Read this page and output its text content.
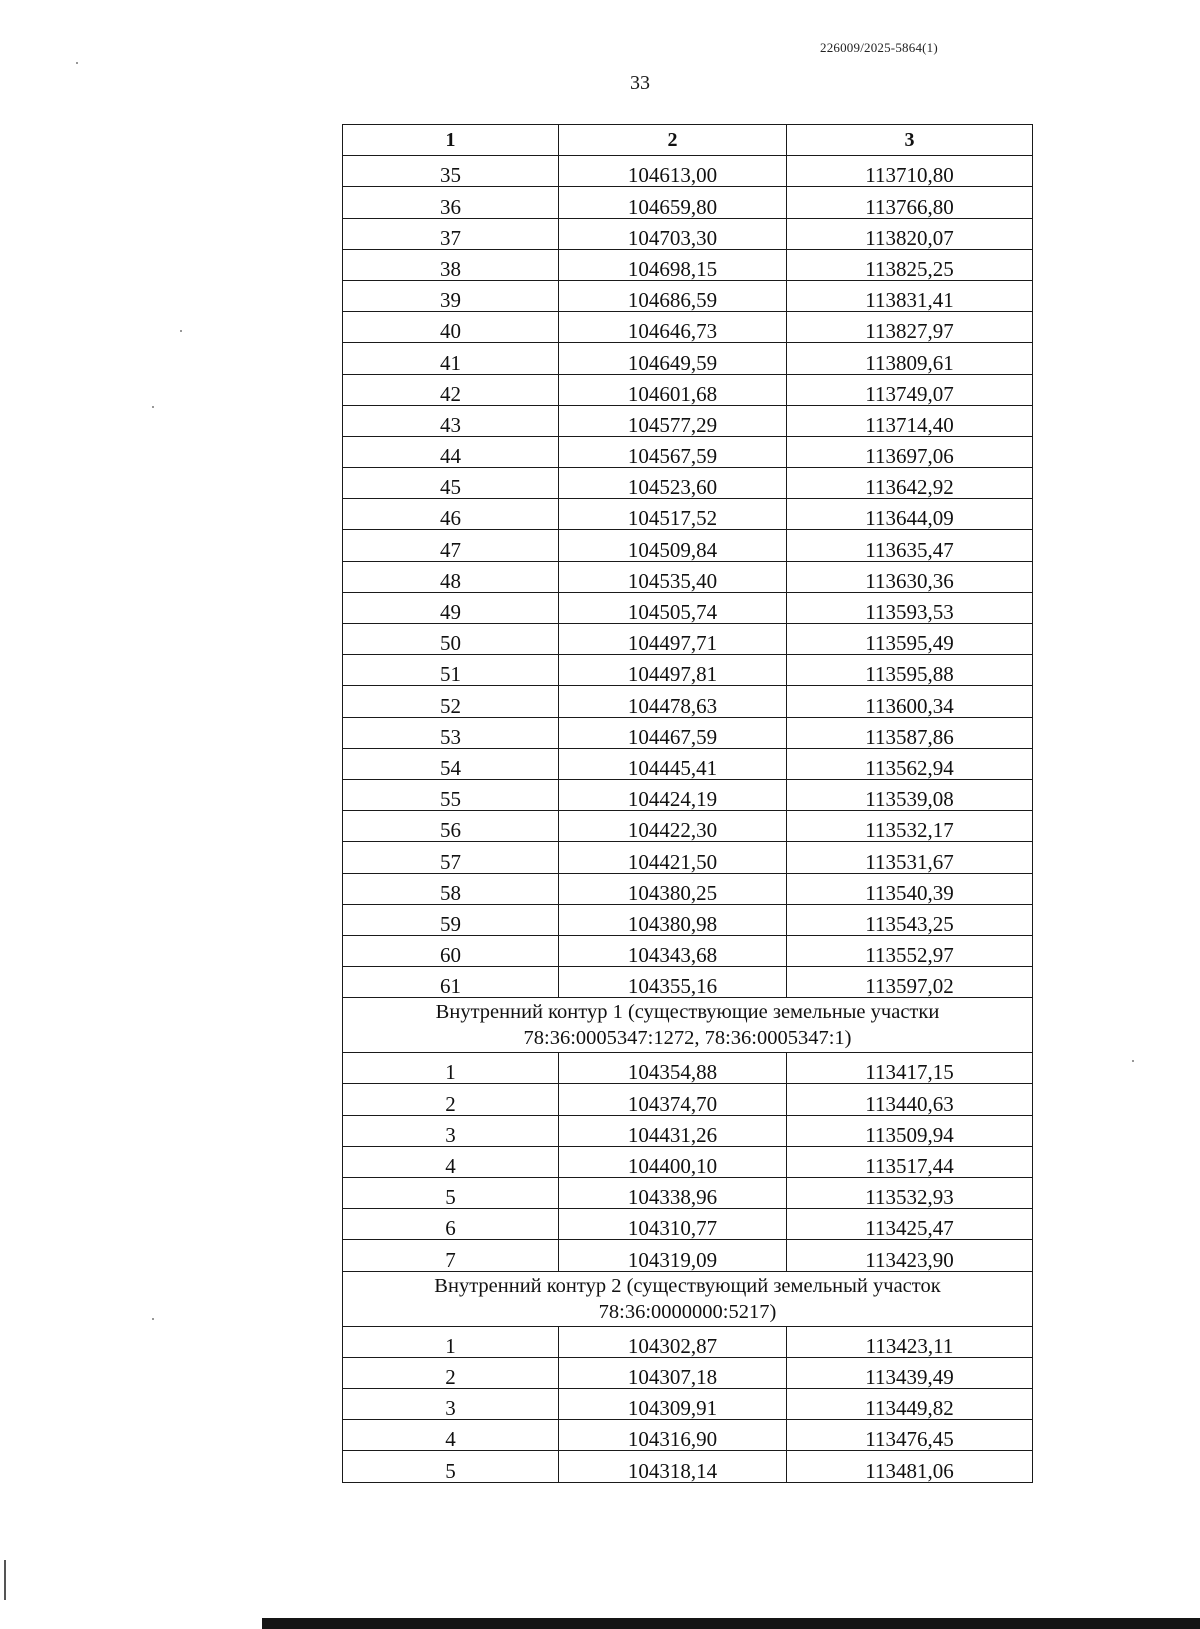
226009/2025-5864(1)
33
1	2	3
35	104613,00	113710,80
36	104659,80	113766,80
37	104703,30	113820,07
38	104698,15	113825,25
39	104686,59	113831,41
40	104646,73	113827,97
41	104649,59	113809,61
42	104601,68	113749,07
43	104577,29	113714,40
44	104567,59	113697,06
45	104523,60	113642,92
46	104517,52	113644,09
47	104509,84	113635,47
48	104535,40	113630,36
49	104505,74	113593,53
50	104497,71	113595,49
51	104497,81	113595,88
52	104478,63	113600,34
53	104467,59	113587,86
54	104445,41	113562,94
55	104424,19	113539,08
56	104422,30	113532,17
57	104421,50	113531,67
58	104380,25	113540,39
59	104380,98	113543,25
60	104343,68	113552,97
61	104355,16	113597,02
Внутренний контур 1 (существующие земельные участки
78:36:0005347:1272, 78:36:0005347:1)		
1	104354,88	113417,15
2	104374,70	113440,63
3	104431,26	113509,94
4	104400,10	113517,44
5	104338,96	113532,93
6	104310,77	113425,47
7	104319,09	113423,90
Внутренний контур 2 (существующий земельный участок
78:36:0000000:5217)		
1	104302,87	113423,11
2	104307,18	113439,49
3	104309,91	113449,82
4	104316,90	113476,45
5	104318,14	113481,06
